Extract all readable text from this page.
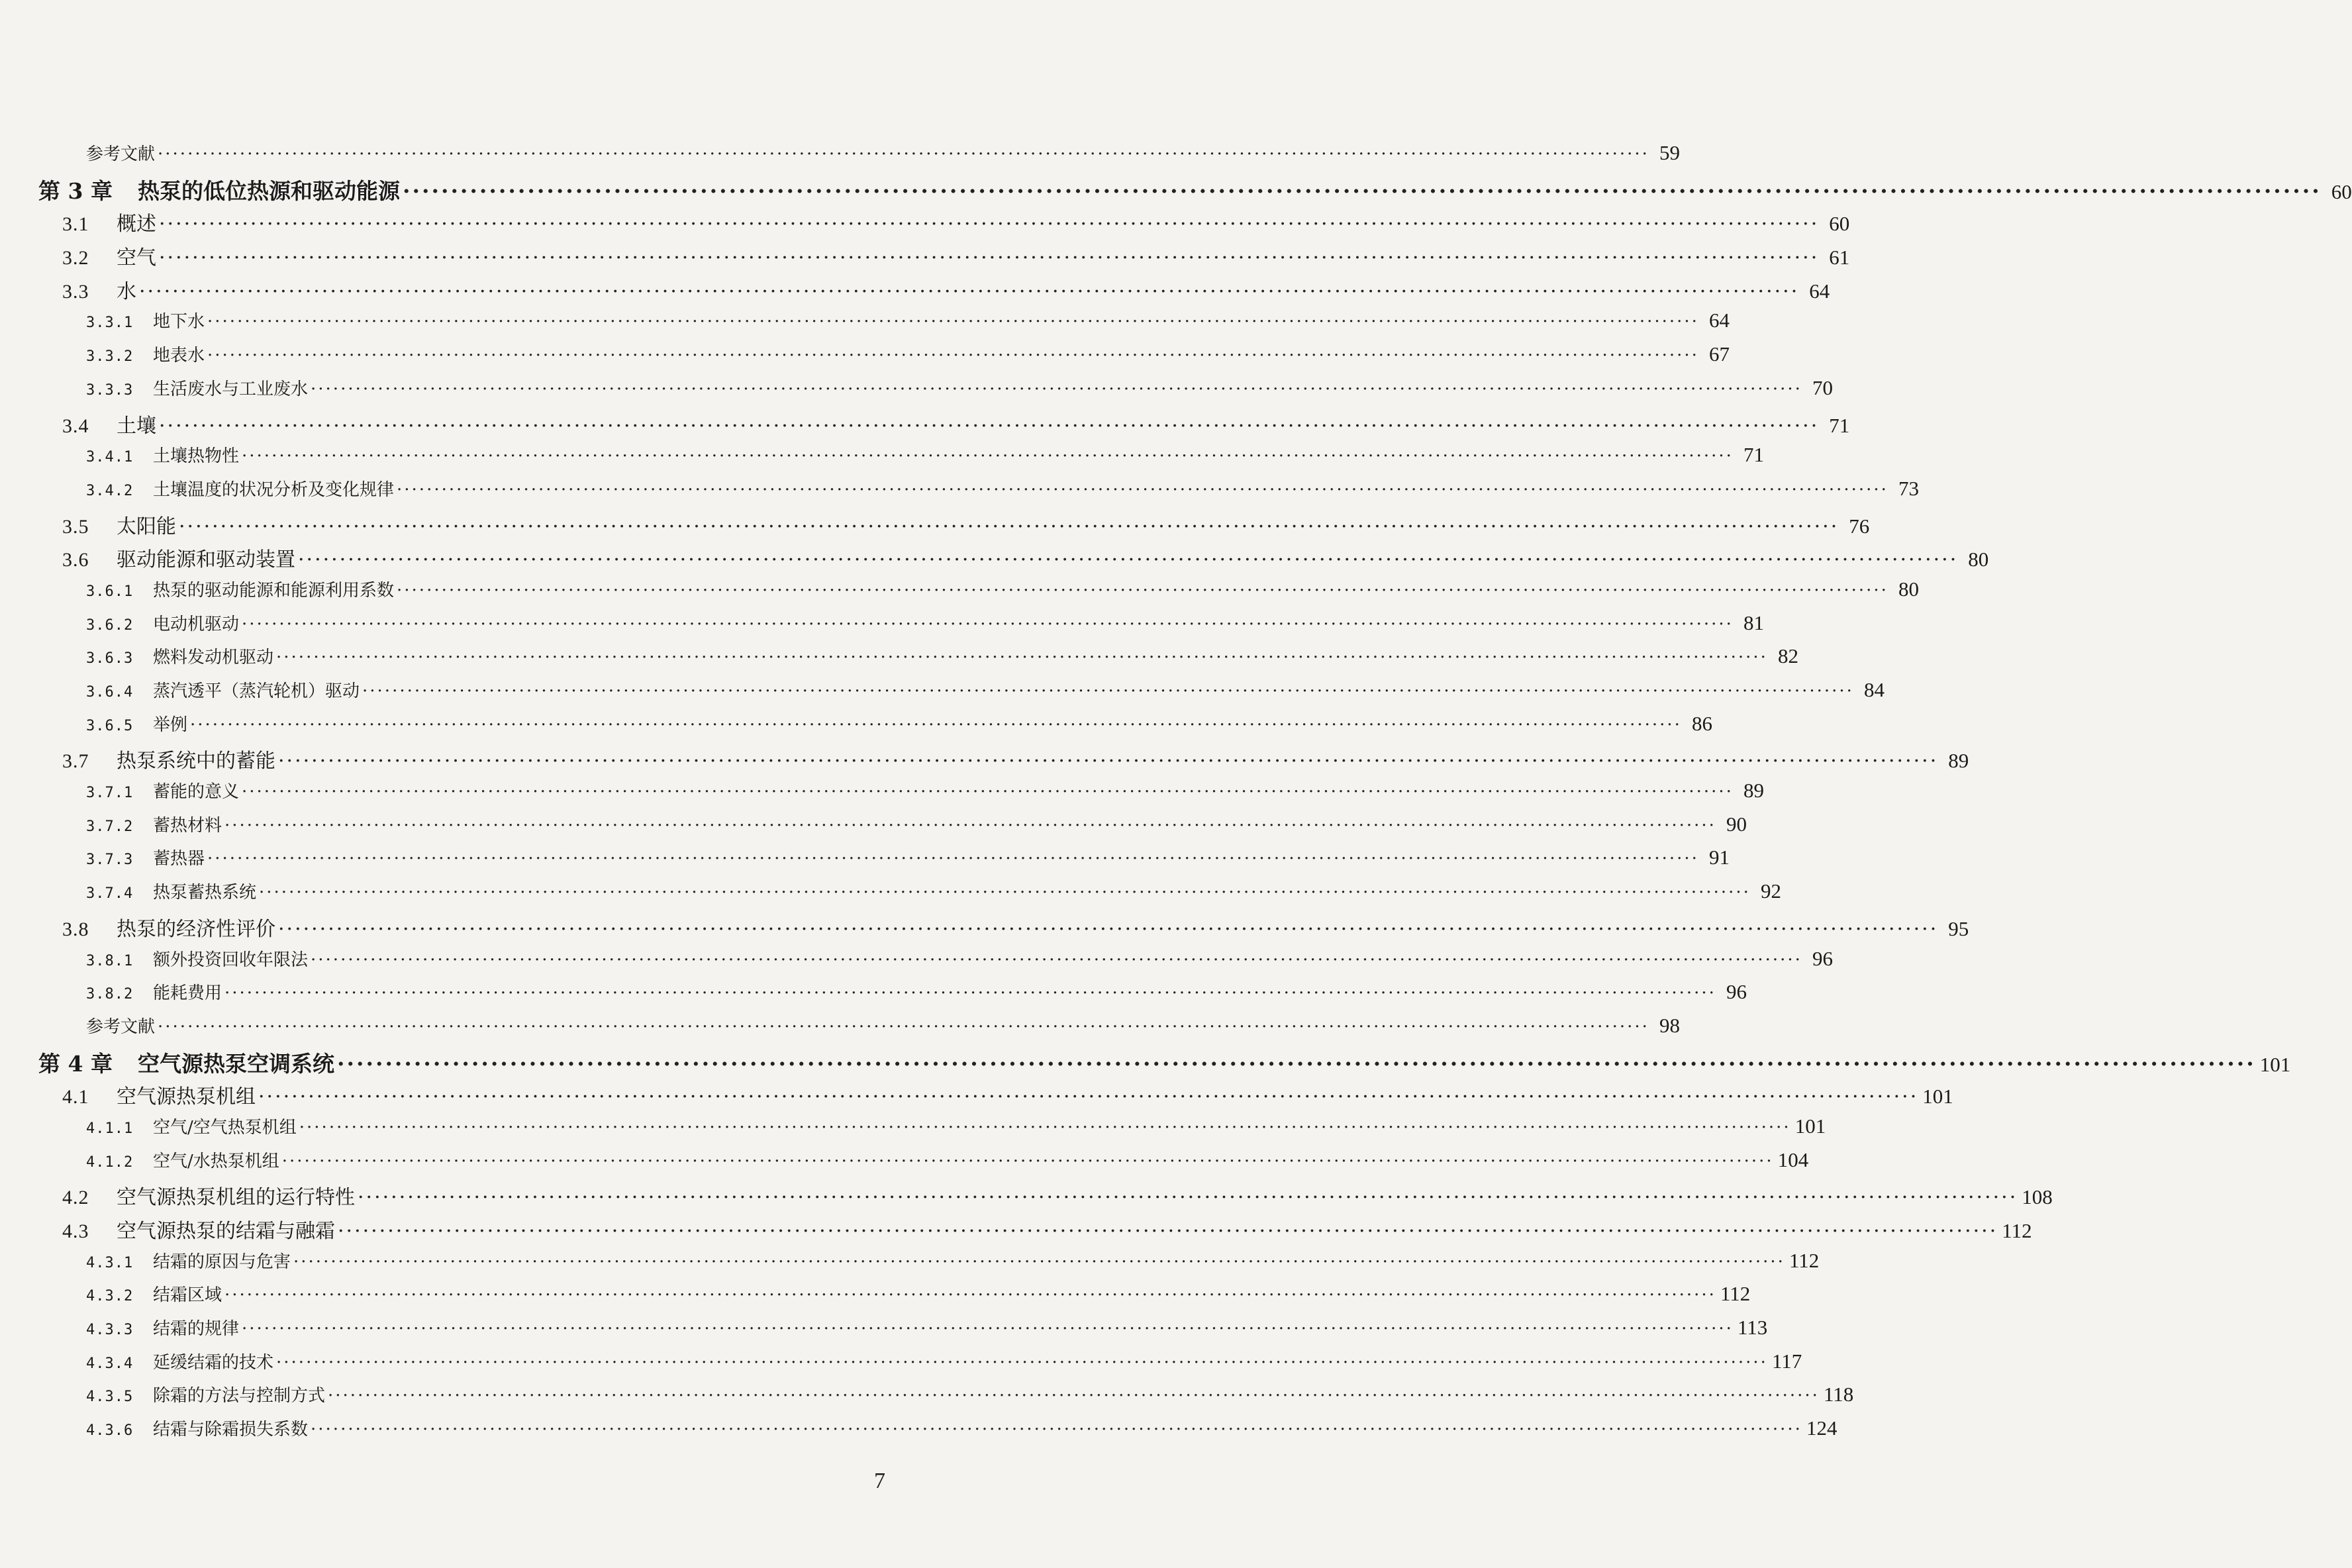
参考文献 ········································································································································································································ 59
第 3 章	热泵的低位热源和驱动能源 ········································································································································································································ 60
3.1	概述 ········································································································································································································ 60
3.2	空气 ········································································································································································································ 61
3.3	水 ········································································································································································································ 64
3.3.1	地下水 ········································································································································································································ 64
3.3.2	地表水 ········································································································································································································ 67
3.3.3	生活废水与工业废水 ········································································································································································································ 70
3.4	土壤 ········································································································································································································ 71
3.4.1	土壤热物性 ········································································································································································································ 71
3.4.2	土壤温度的状况分析及变化规律 ········································································································································································································ 73
3.5	太阳能 ········································································································································································································ 76
3.6	驱动能源和驱动装置 ········································································································································································································ 80
3.6.1	热泵的驱动能源和能源利用系数 ········································································································································································································ 80
3.6.2	电动机驱动 ········································································································································································································ 81
3.6.3	燃料发动机驱动 ········································································································································································································ 82
3.6.4	蒸汽透平（蒸汽轮机）驱动 ········································································································································································································ 84
3.6.5	举例 ········································································································································································································ 86
3.7	热泵系统中的蓄能 ········································································································································································································ 89
3.7.1	蓄能的意义 ········································································································································································································ 89
3.7.2	蓄热材料 ········································································································································································································ 90
3.7.3	蓄热器 ········································································································································································································ 91
3.7.4	热泵蓄热系统 ········································································································································································································ 92
3.8	热泵的经济性评价 ········································································································································································································ 95
3.8.1	额外投资回收年限法 ········································································································································································································ 96
3.8.2	能耗费用 ········································································································································································································ 96
参考文献 ········································································································································································································ 98
第 4 章	空气源热泵空调系统 ········································································································································································································ 101
4.1	空气源热泵机组 ········································································································································································································ 101
4.1.1	空气/空气热泵机组 ········································································································································································································ 101
4.1.2	空气/水热泵机组 ········································································································································································································ 104
4.2	空气源热泵机组的运行特性 ········································································································································································································ 108
4.3	空气源热泵的结霜与融霜 ········································································································································································································ 112
4.3.1	结霜的原因与危害 ········································································································································································································ 112
4.3.2	结霜区域 ········································································································································································································ 112
4.3.3	结霜的规律 ········································································································································································································ 113
4.3.4	延缓结霜的技术 ········································································································································································································ 117
4.3.5	除霜的方法与控制方式 ········································································································································································································ 118
4.3.6	结霜与除霜损失系数 ········································································································································································································ 124
7
